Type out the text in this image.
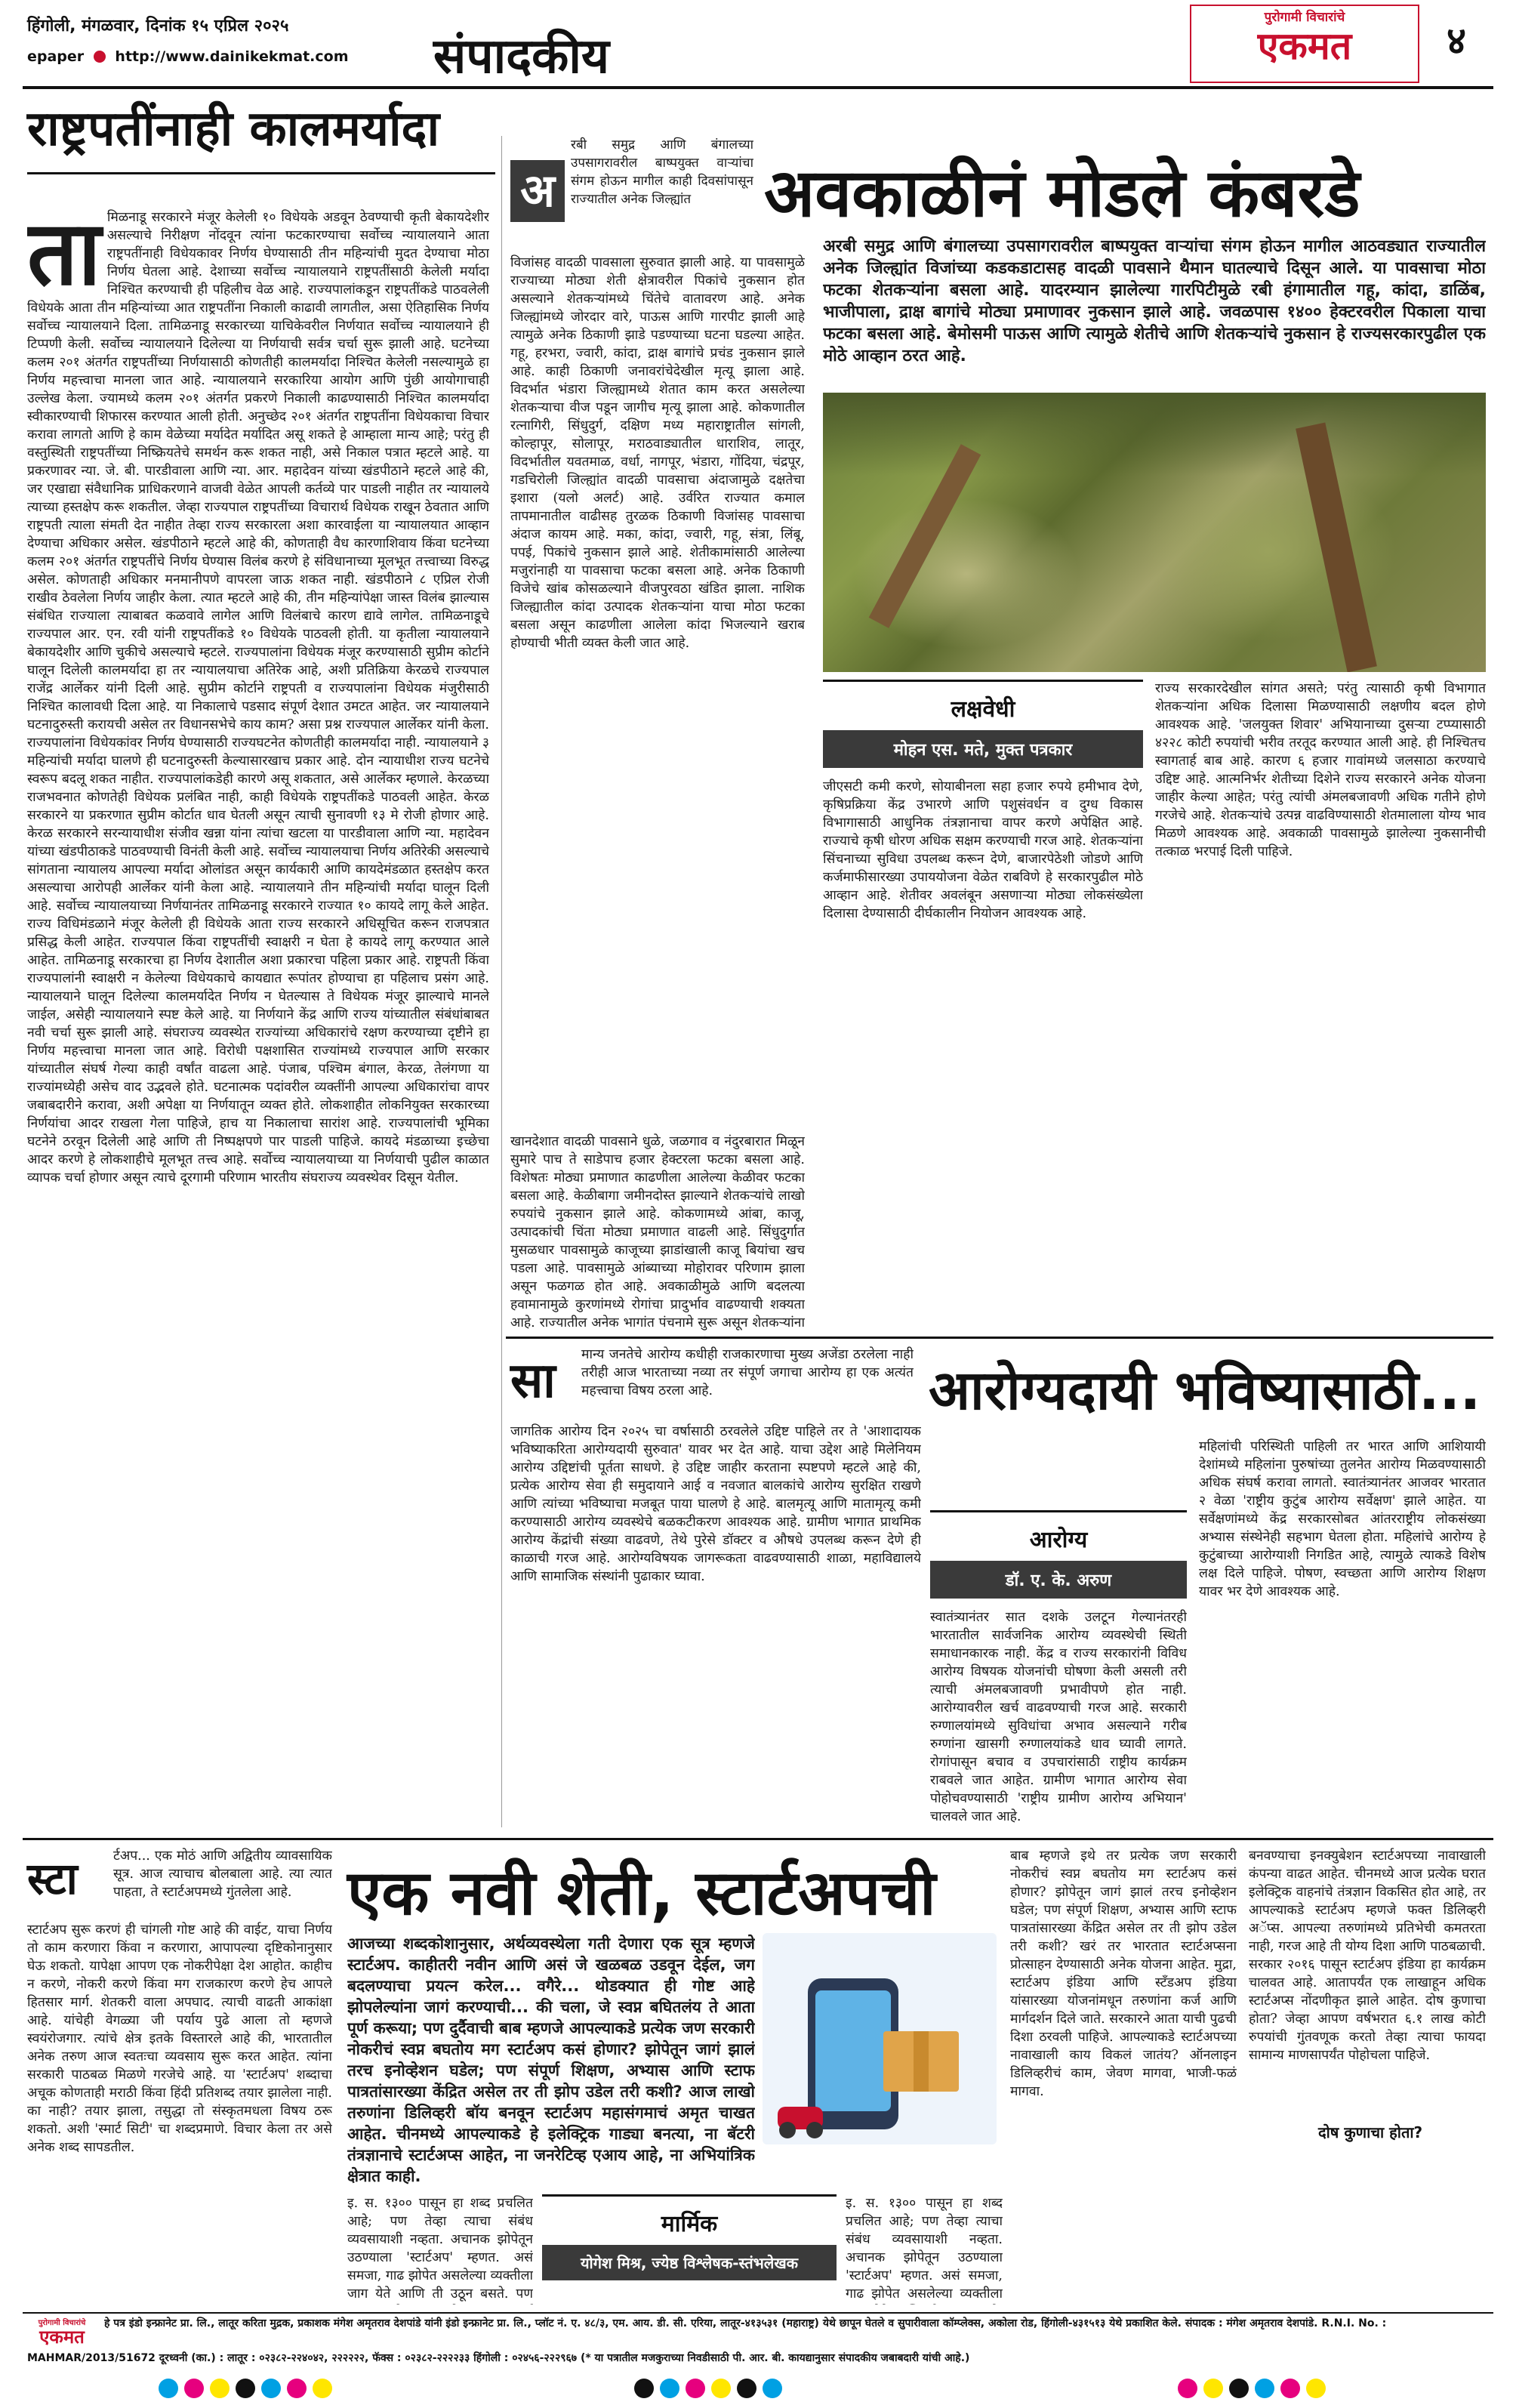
हिंगोली, मंगळवार, दिनांक १५ एप्रिल २०२५
epaper http://www.dainikekmat.com संपादकीय
पुरोगामी विचारांचे
एकमत	४
राष्ट्रपतींनाही कालमर्यादा
ता मिळनाडू सरकारने मंजूर केलेली १० विधेयके अडवून ठेवण्याची कृती बेकायदेशीर असल्याचे निरीक्षण नोंदवून त्यांना फटकारण्याचा सर्वोच्च न्यायालयाने आता राष्ट्रपतींनाही विधेयकावर निर्णय घेण्यासाठी तीन महिन्यांची मुदत देण्याचा मोठा निर्णय घेतला आहे. देशाच्या सर्वोच्च न्यायालयाने राष्ट्रपतींसाठी केलेली मर्यादा निश्चित करण्याची ही पहिलीच वेळ आहे. राज्यपालांकडून राष्ट्रपतींकडे पाठवलेली विधेयके आता तीन महिन्यांच्या आत राष्ट्रपतींना निकाली काढावी लागतील, असा ऐतिहासिक निर्णय सर्वोच्च न्यायालयाने दिला. तामिळनाडू सरकारच्या याचिकेवरील निर्णयात सर्वोच्च न्यायालयाने ही टिप्पणी केली. सर्वोच्च न्यायालयाने दिलेल्या या निर्णयाची सर्वत्र चर्चा सुरू झाली आहे. घटनेच्या कलम २०१ अंतर्गत राष्ट्रपतींच्या निर्णयासाठी कोणतीही कालमर्यादा निश्चित केलेली नसल्यामुळे हा निर्णय महत्त्वाचा मानला जात आहे. न्यायालयाने सरकारिया आयोग आणि पुंछी आयोगाचाही उल्लेख केला. ज्यामध्ये कलम २०१ अंतर्गत प्रकरणे निकाली काढण्यासाठी निश्चित कालमर्यादा स्वीकारण्याची शिफारस करण्यात आली होती. अनुच्छेद २०१ अंतर्गत राष्ट्रपतींना विधेयकाचा विचार करावा लागतो आणि हे काम वेळेच्या मर्यादेत मर्यादित असू शकते हे आम्हाला मान्य आहे; परंतु ही वस्तुस्थिती राष्ट्रपतींच्या निष्क्रियतेचे समर्थन करू शकत नाही, असे निकाल पत्रात म्हटले आहे. या प्रकरणावर न्या. जे. बी. पारडीवाला आणि न्या. आर. महादेवन यांच्या खंडपीठाने म्हटले आहे की, जर एखाद्या संवैधानिक प्राधिकरणाने वाजवी वेळेत आपली कर्तव्ये पार पाडली नाहीत तर न्यायालये त्याच्या हस्तक्षेप करू शकतील. जेव्हा राज्यपाल राष्ट्रपतींच्या विचारार्थ विधेयक राखून ठेवतात आणि राष्ट्रपती त्याला संमती देत नाहीत तेव्हा राज्य सरकारला अशा कारवाईला या न्यायालयात आव्हान देण्याचा अधिकार असेल. खंडपीठाने म्हटले आहे की, कोणताही वैध कारणाशिवाय किंवा घटनेच्या कलम २०१ अंतर्गत राष्ट्रपतींचे निर्णय घेण्यास विलंब करणे हे संविधानाच्या मूलभूत तत्त्वाच्या विरुद्ध असेल. कोणताही अधिकार मनमानीपणे वापरला जाऊ शकत नाही. खंडपीठाने ८ एप्रिल रोजी राखीव ठेवलेला निर्णय जाहीर केला. त्यात म्हटले आहे की, तीन महिन्यांपेक्षा जास्त विलंब झाल्यास संबंधित राज्याला त्याबाबत कळवावे लागेल आणि विलंबाचे कारण द्यावे लागेल. तामिळनाडूचे राज्यपाल आर. एन. रवी यांनी राष्ट्रपतींकडे १० विधेयके पाठवली होती. या कृतीला न्यायालयाने बेकायदेशीर आणि चुकीचे असल्याचे म्हटले. राज्यपालांना विधेयक मंजूर करण्यासाठी सुप्रीम कोर्टाने घालून दिलेली कालमर्यादा हा तर न्यायालयाचा अतिरेक आहे, अशी प्रतिक्रिया केरळचे राज्यपाल राजेंद्र आर्लेकर यांनी दिली आहे. सुप्रीम कोर्टाने राष्ट्रपती व राज्यपालांना विधेयक मंजुरीसाठी निश्चित कालावधी दिला आहे. या निकालाचे पडसाद संपूर्ण देशात उमटत आहेत. जर न्यायालयाने घटनादुरुस्ती करायची असेल तर विधानसभेचे काय काम? असा प्रश्न राज्यपाल आर्लेकर यांनी केला. राज्यपालांना विधेयकांवर निर्णय घेण्यासाठी राज्यघटनेत कोणतीही कालमर्यादा नाही. न्यायालयाने ३ महिन्यांची मर्यादा घालणे ही घटनादुरुस्ती केल्यासारखाच प्रकार आहे. दोन न्यायाधीश राज्य घटनेचे स्वरूप बदलू शकत नाहीत. राज्यपालांकडेही कारणे असू शकतात, असे आर्लेकर म्हणाले. केरळच्या राजभवनात कोणतेही विधेयक प्रलंबित नाही, काही विधेयके राष्ट्रपतींकडे पाठवली आहेत. केरळ सरकारने या प्रकरणात सुप्रीम कोर्टात धाव घेतली असून त्याची सुनावणी १३ मे रोजी होणार आहे. केरळ सरकारने सरन्यायाधीश संजीव खन्ना यांना त्यांचा खटला या पारडीवाला आणि न्या. महादेवन यांच्या खंडपीठाकडे पाठवण्याची विनंती केली आहे. सर्वोच्च न्यायालयाचा निर्णय अतिरेकी असल्याचे सांगताना न्यायालय आपल्या मर्यादा ओलांडत असून कार्यकारी आणि कायदेमंडळात हस्तक्षेप करत असल्याचा आरोपही आर्लेकर यांनी केला आहे. न्यायालयाने तीन महिन्यांची मर्यादा घालून दिली आहे. सर्वोच्च न्यायालयाच्या निर्णयानंतर तामिळनाडू सरकारने राज्यात १० कायदे लागू केले आहेत. राज्य विधिमंडळाने मंजूर केलेली ही विधेयके आता राज्य सरकारने अधिसूचित करून राजपत्रात प्रसिद्ध केली आहेत. राज्यपाल किंवा राष्ट्रपतींची स्वाक्षरी न घेता हे कायदे लागू करण्यात आले आहेत. तामिळनाडू सरकारचा हा निर्णय देशातील अशा प्रकारचा पहिला प्रकार आहे. राष्ट्रपती किंवा राज्यपालांनी स्वाक्षरी न केलेल्या विधेयकाचे कायद्यात रूपांतर होण्याचा हा पहिलाच प्रसंग आहे. न्यायालयाने घालून दिलेल्या कालमर्यादेत निर्णय न घेतल्यास ते विधेयक मंजूर झाल्याचे मानले जाईल, असेही न्यायालयाने स्पष्ट केले आहे. या निर्णयाने केंद्र आणि राज्य यांच्यातील संबंधांबाबत नवी चर्चा सुरू झाली आहे. संघराज्य व्यवस्थेत राज्यांच्या अधिकारांचे रक्षण करण्याच्या दृष्टीने हा निर्णय महत्त्वाचा मानला जात आहे. विरोधी पक्षशासित राज्यांमध्ये राज्यपाल आणि सरकार यांच्यातील संघर्ष गेल्या काही वर्षांत वाढला आहे. पंजाब, पश्चिम बंगाल, केरळ, तेलंगणा या राज्यांमध्येही असेच वाद उद्भवले होते. घटनात्मक पदांवरील व्यक्तींनी आपल्या अधिकारांचा वापर जबाबदारीने करावा, अशी अपेक्षा या निर्णयातून व्यक्त होते. लोकशाहीत लोकनियुक्त सरकारच्या निर्णयांचा आदर राखला गेला पाहिजे, हाच या निकालाचा सारांश आहे. राज्यपालांची भूमिका घटनेने ठरवून दिलेली आहे आणि ती निष्पक्षपणे पार पाडली पाहिजे. कायदे मंडळाच्या इच्छेचा आदर करणे हे लोकशाहीचे मूलभूत तत्त्व आहे. सर्वोच्च न्यायालयाच्या या निर्णयाची पुढील काळात व्यापक चर्चा होणार असून त्याचे दूरगामी परिणाम भारतीय संघराज्य व्यवस्थेवर दिसून येतील.
अ
रबी समुद्र आणि बंगालच्या उपसागरावरील बाष्पयुक्त वाऱ्यांचा संगम होऊन मागील काही दिवसांपासून राज्यातील अनेक जिल्ह्यांत	अवकाळीनं मोडले कंबरडे
विजांसह वादळी पावसाला सुरुवात झाली आहे. या पावसामुळे राज्याच्या मोठ्या शेती क्षेत्रावरील पिकांचे नुकसान होत असल्याने शेतकऱ्यांमध्ये चिंतेचे वातावरण आहे. अनेक जिल्ह्यांमध्ये जोरदार वारे, पाऊस आणि गारपीट झाली आहे त्यामुळे अनेक ठिकाणी झाडे पडण्याच्या घटना घडल्या आहेत. गहू, हरभरा, ज्वारी, कांदा, द्राक्ष बागांचे प्रचंड नुकसान झाले आहे. काही ठिकाणी जनावरांचेदेखील मृत्यू झाला आहे. विदर्भात भंडारा जिल्ह्यामध्ये शेतात काम करत असलेल्या शेतकऱ्याचा वीज पडून जागीच मृत्यू झाला आहे. कोकणातील रत्नागिरी, सिंधुदुर्ग, दक्षिण मध्य महाराष्ट्रातील सांगली, कोल्हापूर, सोलापूर, मराठवाड्यातील धाराशिव, लातूर, विदर्भातील यवतमाळ, वर्धा, नागपूर, भंडारा, गोंदिया, चंद्रपूर, गडचिरोली जिल्ह्यांत वादळी पावसाचा अंदाजामुळे दक्षतेचा इशारा (यलो अलर्ट) आहे. उर्वरित राज्यात कमाल तापमानातील वाढीसह तुरळक ठिकाणी विजांसह पावसाचा अंदाज कायम आहे. मका, कांदा, ज्वारी, गहू, संत्रा, लिंबू, पपई, पिकांचे नुकसान झाले आहे. शेतीकामांसाठी आलेल्या मजुरांनाही या पावसाचा फटका बसला आहे. अनेक ठिकाणी विजेचे खांब कोसळल्याने वीजपुरवठा खंडित झाला. नाशिक जिल्ह्यातील कांदा उत्पादक शेतकऱ्यांना याचा मोठा फटका बसला असून काढणीला आलेला कांदा भिजल्याने खराब होण्याची भीती व्यक्त केली जात आहे.
अरबी समुद्र आणि बंगालच्या उपसागरावरील बाष्पयुक्त वाऱ्यांचा संगम होऊन मागील आठवड्यात राज्यातील अनेक जिल्ह्यांत विजांच्या कडकडाटासह वादळी पावसाने थैमान घातल्याचे दिसून आले. या पावसाचा मोठा फटका शेतकऱ्यांना बसला आहे. यादरम्यान झालेल्या गारपिटीमुळे रबी हंगामातील गहू, कांदा, डाळिंब, भाजीपाला, द्राक्ष बागांचे मोठ्या प्रमाणावर नुकसान झाले आहे. जवळपास १४०० हेक्टरवरील पिकाला याचा फटका बसला आहे. बेमोसमी पाऊस आणि त्यामुळे शेतीचे आणि शेतकऱ्यांचे नुकसान हे राज्यसरकारपुढील एक मोठे आव्हान ठरत आहे.
खानदेशात वादळी पावसाने धुळे, जळगाव व नंदुरबारात मिळून सुमारे पाच ते साडेपाच हजार हेक्टरला फटका बसला आहे. विशेषतः मोठ्या प्रमाणात काढणीला आलेल्या केळीवर फटका बसला आहे. केळीबागा जमीनदोस्त झाल्याने शेतकऱ्यांचे लाखो रुपयांचे नुकसान झाले आहे. कोकणामध्ये आंबा, काजू, उत्पादकांची चिंता मोठ्या प्रमाणात वाढली आहे. सिंधुदुर्गात मुसळधार पावसामुळे काजूच्या झाडांखाली काजू बियांचा खच पडला आहे. पावसामुळे आंब्याच्या मोहोरावर परिणाम झाला असून फळगळ होत आहे. अवकाळीमुळे आणि बदलत्या हवामानामुळे कुरणांमध्ये रोगांचा प्रादुर्भाव वाढण्याची शक्यता आहे. राज्यातील अनेक भागांत पंचनामे सुरू असून शेतकऱ्यांना
राज्य सरकारदेखील सांगत असते; परंतु त्यासाठी कृषी विभागात शेतकऱ्यांना अधिक दिलासा मिळण्यासाठी लक्षणीय बदल होणे आवश्यक आहे. 'जलयुक्त शिवार' अभियानाच्या दुसऱ्या टप्प्यासाठी ४२२८ कोटी रुपयांची भरीव तरतूद करण्यात आली आहे. ही निश्चितच स्वागतार्ह बाब आहे. कारण ६ हजार गावांमध्ये जलसाठा करण्याचे उद्दिष्ट आहे. आत्मनिर्भर शेतीच्या दिशेने राज्य सरकारने अनेक योजना जाहीर केल्या आहेत; परंतु त्यांची अंमलबजावणी अधिक गतीने होणे गरजेचे आहे. शेतकऱ्यांचे उत्पन्न वाढविण्यासाठी शेतमालाला योग्य भाव मिळणे आवश्यक आहे. अवकाळी पावसामुळे झालेल्या नुकसानीची तत्काळ भरपाई दिली पाहिजे.
लक्षवेधी
मोहन एस. मते, मुक्त पत्रकार
जीएसटी कमी करणे, सोयाबीनला सहा हजार रुपये हमीभाव देणे, कृषिप्रक्रिया केंद्र उभारणे आणि पशुसंवर्धन व दुग्ध विकास विभागासाठी आधुनिक तंत्रज्ञानाचा वापर करणे अपेक्षित आहे. राज्याचे कृषी धोरण अधिक सक्षम करण्याची गरज आहे. शेतकऱ्यांना सिंचनाच्या सुविधा उपलब्ध करून देणे, बाजारपेठेशी जोडणे आणि कर्जमाफीसारख्या उपाययोजना वेळेत राबविणे हे सरकारपुढील मोठे आव्हान आहे. शेतीवर अवलंबून असणाऱ्या मोठ्या लोकसंख्येला दिलासा देण्यासाठी दीर्घकालीन नियोजन आवश्यक आहे.
सा मान्य जनतेचे आरोग्य कधीही राजकारणाचा मुख्य अजेंडा ठरलेला नाही तरीही आज भारताच्या नव्या तर संपूर्ण जगाचा आरोग्य हा एक अत्यंत महत्त्वाचा विषय ठरला आहे.	आरोग्यदायी भविष्यासाठी...
जागतिक आरोग्य दिन २०२५ चा वर्षासाठी ठरवलेले उद्दिष्ट पाहिले तर ते 'आशादायक भविष्याकरिता आरोग्यदायी सुरुवात' यावर भर देत आहे. याचा उद्देश आहे मिलेनियम आरोग्य उद्दिष्टांची पूर्तता साधणे. हे उद्दिष्ट जाहीर करताना स्पष्टपणे म्हटले आहे की, प्रत्येक आरोग्य सेवा ही समुदायाने आई व नवजात बालकांचे आरोग्य सुरक्षित राखणे आणि त्यांच्या भविष्याचा मजबूत पाया घालणे हे आहे. बालमृत्यू आणि मातामृत्यू कमी करण्यासाठी आरोग्य व्यवस्थेचे बळकटीकरण आवश्यक आहे. ग्रामीण भागात प्राथमिक आरोग्य केंद्रांची संख्या वाढवणे, तेथे पुरेसे डॉक्टर व औषधे उपलब्ध करून देणे ही काळाची गरज आहे. आरोग्यविषयक जागरूकता वाढवण्यासाठी शाळा, महाविद्यालये आणि सामाजिक संस्थांनी पुढाकार घ्यावा.
आरोग्य
डॉ. ए. के. अरुण
स्वातंत्र्यानंतर सात दशके उलटून गेल्यानंतरही भारतातील सार्वजनिक आरोग्य व्यवस्थेची स्थिती समाधानकारक नाही. केंद्र व राज्य सरकारांनी विविध आरोग्य विषयक योजनांची घोषणा केली असली तरी त्याची अंमलबजावणी प्रभावीपणे होत नाही. आरोग्यावरील खर्च वाढवण्याची गरज आहे. सरकारी रुग्णालयांमध्ये सुविधांचा अभाव असल्याने गरीब रुग्णांना खासगी रुग्णालयांकडे धाव घ्यावी लागते. रोगांपासून बचाव व उपचारांसाठी राष्ट्रीय कार्यक्रम राबवले जात आहेत. ग्रामीण भागात आरोग्य सेवा पोहोचवण्यासाठी 'राष्ट्रीय ग्रामीण आरोग्य अभियान' चालवले जात आहे.
महिलांची परिस्थिती पाहिली तर भारत आणि आशियायी देशांमध्ये महिलांना पुरुषांच्या तुलनेत आरोग्य मिळवण्यासाठी अधिक संघर्ष करावा लागतो. स्वातंत्र्यानंतर आजवर भारतात २ वेळा 'राष्ट्रीय कुटुंब आरोग्य सर्वेक्षण' झाले आहेत. या सर्वेक्षणांमध्ये केंद्र सरकारसोबत आंतरराष्ट्रीय लोकसंख्या अभ्यास संस्थेनेही सहभाग घेतला होता. महिलांचे आरोग्य हे कुटुंबाच्या आरोग्याशी निगडित आहे, त्यामुळे त्याकडे विशेष लक्ष दिले पाहिजे. पोषण, स्वच्छता आणि आरोग्य शिक्षण यावर भर देणे आवश्यक आहे.
स्टा	र्टअप... एक मोठं आणि अद्वितीय व्यावसायिक सूत्र. आज त्याचाच बोलबाला आहे. त्या त्यात पाहता, ते स्टार्टअपमध्ये गुंतलेला आहे.
स्टार्टअप सुरू करणं ही चांगली गोष्ट आहे की वाईट, याचा निर्णय तो काम करणारा किंवा न करणारा, आपापल्या दृष्टिकोनानुसार घेऊ शकतो. यापेक्षा आपण एक नोकरीपेक्षा देश आहोत. काहीच न करणे, नोकरी करणे किंवा मग राजकारण करणे हेच आपले हितसार मार्ग. शेतकरी वाला अपघाद. त्याची वाढती आकांक्षा आहे. यांचेही वेगळ्या जी पर्याय पुढे आला तो म्हणजे स्वयंरोजगार. त्यांचे क्षेत्र इतके विस्तारले आहे की, भारतातील अनेक तरुण आज स्वतःचा व्यवसाय सुरू करत आहेत. त्यांना सरकारी पाठबळ मिळणे गरजेचे आहे. या 'स्टार्टअप' शब्दाचा अचूक कोणताही मराठी किंवा हिंदी प्रतिशब्द तयार झालेला नाही. का नाही? तयार झाला, तसुद्धा तो संस्कृतमधला विषय ठरू शकतो. अशी 'स्मार्ट सिटी' चा शब्दप्रमाणे. विचार केला तर असे अनेक शब्द सापडतील.
एक नवी शेती, स्टार्टअपची
आजच्या शब्दकोशानुसार, अर्थव्यवस्थेला गती देणारा एक सूत्र म्हणजे स्टार्टअप. काहीतरी नवीन आणि असं जे खळबळ उडवून देईल, जग बदलण्याचा प्रयत्न करेल... वगैरे... थोडक्यात ही गोष्ट आहे झोपलेल्यांना जागं करण्याची... की चला, जे स्वप्न बघितलंय ते आता पूर्ण करूया; पण दुर्दैवाची बाब म्हणजे आपल्याकडे प्रत्येक जण सरकारी नोकरीचं स्वप्न बघतोय मग स्टार्टअप कसं होणार? झोपेतून जागं झालं तरच इनोव्हेशन घडेल; पण संपूर्ण शिक्षण, अभ्यास आणि स्टाफ पात्रतांसारख्या केंद्रित असेल तर ती झोप उडेल तरी कशी? आज लाखो तरुणांना डिलिव्हरी बॉय बनवून स्टार्टअप महासंगमाचं अमृत चाखत आहेत. चीनमध्ये आपल्याकडे हे इलेक्ट्रिक गाड्या बनत्या, ना बॅटरी तंत्रज्ञानाचे स्टार्टअप्स आहेत, ना जनरेटिव्ह एआय आहे, ना अभियांत्रिक क्षेत्रात काही.
मार्मिक
योगेश मिश्र, ज्येष्ठ विश्लेषक-स्तंभलेखक
इ. स. १३०० पासून हा शब्द प्रचलित आहे; पण तेव्हा त्याचा संबंध व्यवसायाशी नव्हता. अचानक झोपेतून उठण्याला 'स्टार्टअप' म्हणत. असं समजा, गाढ झोपेत असलेल्या व्यक्तीला जाग येते आणि ती उठून बसते. पण
इ. स. १३०० पासून हा शब्द प्रचलित आहे; पण तेव्हा त्याचा संबंध व्यवसायाशी नव्हता. अचानक झोपेतून उठण्याला 'स्टार्टअप' म्हणत. असं समजा, गाढ झोपेत असलेल्या व्यक्तीला
बाब म्हणजे इथे तर प्रत्येक जण सरकारी नोकरीचं स्वप्न बघतोय मग स्टार्टअप कसं होणार? झोपेतून जागं झालं तरच इनोव्हेशन घडेल; पण संपूर्ण शिक्षण, अभ्यास आणि स्टाफ पात्रतांसारख्या केंद्रित असेल तर ती झोप उडेल तरी कशी? खरं तर भारतात स्टार्टअप्सना प्रोत्साहन देण्यासाठी अनेक योजना आहेत. मुद्रा, स्टार्टअप इंडिया आणि स्टँडअप इंडिया यांसारख्या योजनांमधून तरुणांना कर्ज आणि मार्गदर्शन दिले जाते. सरकारने आता याची पुढची दिशा ठरवली पाहिजे. आपल्याकडे स्टार्टअपच्या नावाखाली काय विकलं जातंय? ऑनलाइन डिलिव्हरीचं काम, जेवण मागवा, भाजी-फळं मागवा.
बनवण्याचा इनक्युबेशन स्टार्टअपच्या नावाखाली कंपन्या वाढत आहेत. चीनमध्ये आज प्रत्येक घरात इलेक्ट्रिक वाहनांचे तंत्रज्ञान विकसित होत आहे, तर आपल्याकडे स्टार्टअप म्हणजे फक्त डिलिव्हरी अॅप्स. आपल्या तरुणांमध्ये प्रतिभेची कमतरता नाही, गरज आहे ती योग्य दिशा आणि पाठबळाची. सरकार २०१६ पासून स्टार्टअप इंडिया हा कार्यक्रम चालवत आहे. आतापर्यंत एक लाखाहून अधिक स्टार्टअप्स नोंदणीकृत झाले आहेत. दोष कुणाचा होता? जेव्हा आपण वर्षभरात ६.१ लाख कोटी रुपयांची गुंतवणूक करतो तेव्हा त्याचा फायदा सामान्य माणसापर्यंत पोहोचला पाहिजे.
दोष कुणाचा होता?
पुरोगामी विचारांचे
एकमत
हे पत्र इंडो इन्फ्रानेट प्रा. लि., लातूर करिता मुद्रक, प्रकाशक मंगेश अमृतराव देशपांडे यांनी इंडो इन्फ्रानेट प्रा. लि., प्लॉट नं. ए. ४८/३, एम. आय. डी. सी. एरिया, लातूर-४१३५३१ (महाराष्ट्र) येथे छापून घेतले व सुपारीवाला कॉम्प्लेक्स, अकोला रोड, हिंगोली-४३१५१३ येथे प्रकाशित केले. संपादक : मंगेश अमृतराव देशपांडे. R.N.I. No. :
MAHMAR/2013/51672 दूरध्वनी (का.) : लातूर : ०२३८२-२२४०४२, २२२२२२, फॅक्स : ०२३८२-२२२२३३ हिंगोली : ०२४५६-२२२९६७ (* या पत्रातील मजकुराच्या निवडीसाठी पी. आर. बी. कायद्यानुसार संपादकीय जबाबदारी यांची आहे.)
